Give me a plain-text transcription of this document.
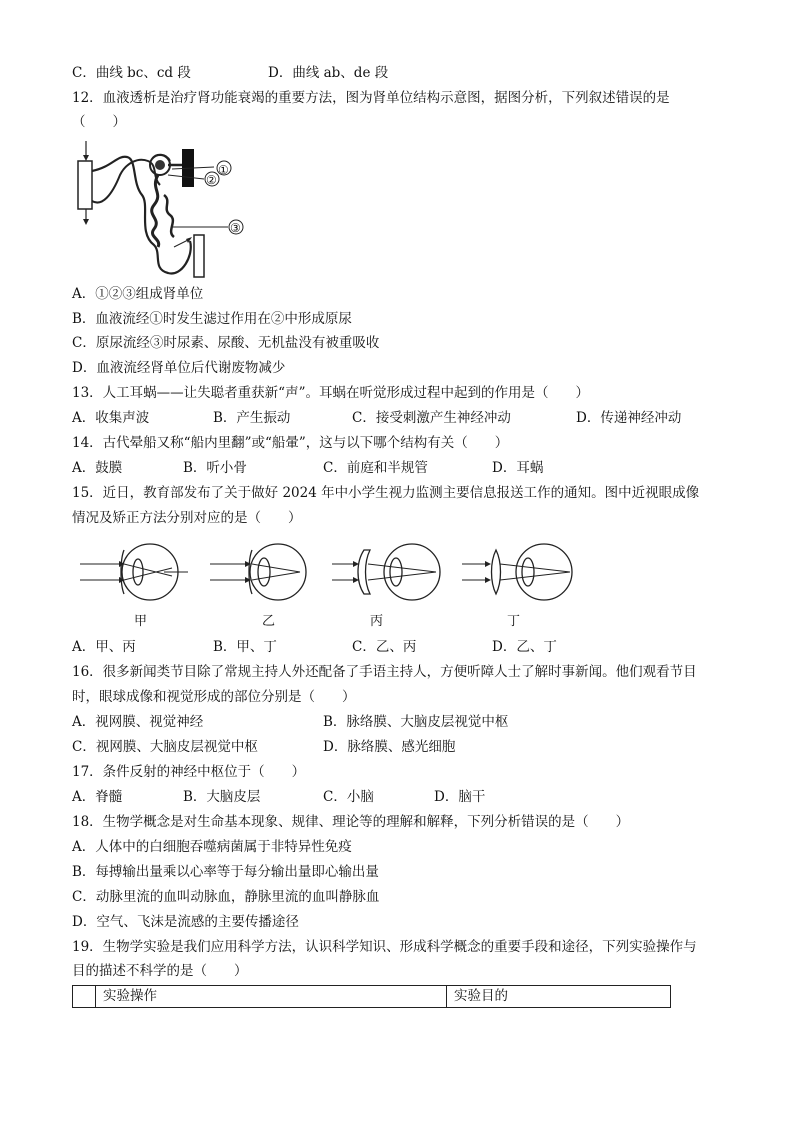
C．曲线 bc、cd 段	D．曲线 ab、de 段
12．血液透析是治疗肾功能衰竭的重要方法，图为肾单位结构示意图，据图分析，下列叙述错误的是
（　　）
①
②
③
A．①②③组成肾单位
B．血液流经①时发生滤过作用在②中形成原尿
C．原尿流经③时尿素、尿酸、无机盐没有被重吸收
D．血液流经肾单位后代谢废物减少
13．人工耳蜗——让失聪者重获新“声”。耳蜗在听觉形成过程中起到的作用是（　　）
A．收集声波	B．产生振动	C．接受刺激产生神经冲动	D．传递神经冲动
14．古代晕船又称“船内里翻”或“船暈”，这与以下哪个结构有关（　　）
A．鼓膜	B．听小骨	C．前庭和半规管	D．耳蜗
15．近日，教育部发布了关于做好 2024 年中小学生视力监测主要信息报送工作的通知。图中近视眼成像
情况及矫正方法分别对应的是（　　）
甲	乙	丙	丁
A．甲、丙	B．甲、丁	C．乙、丙	D．乙、丁
16．很多新闻类节目除了常规主持人外还配备了手语主持人，方便听障人士了解时事新闻。他们观看节目
时，眼球成像和视觉形成的部位分别是（　　）
A．视网膜、视觉神经	B．脉络膜、大脑皮层视觉中枢
C．视网膜、大脑皮层视觉中枢	D．脉络膜、感光细胞
17．条件反射的神经中枢位于（　　）
A．脊髓	B．大脑皮层	C．小脑	D．脑干
18．生物学概念是对生命基本现象、规律、理论等的理解和解释，下列分析错误的是（　　）
A．人体中的白细胞吞噬病菌属于非特异性免疫
B．每搏输出量乘以心率等于每分输出量即心输出量
C．动脉里流的血叫动脉血，静脉里流的血叫静脉血
D．空气、飞沫是流感的主要传播途径
19．生物学实验是我们应用科学方法，认识科学知识、形成科学概念的重要手段和途径，下列实验操作与
目的描述不科学的是（　　）
实验操作	实验目的
